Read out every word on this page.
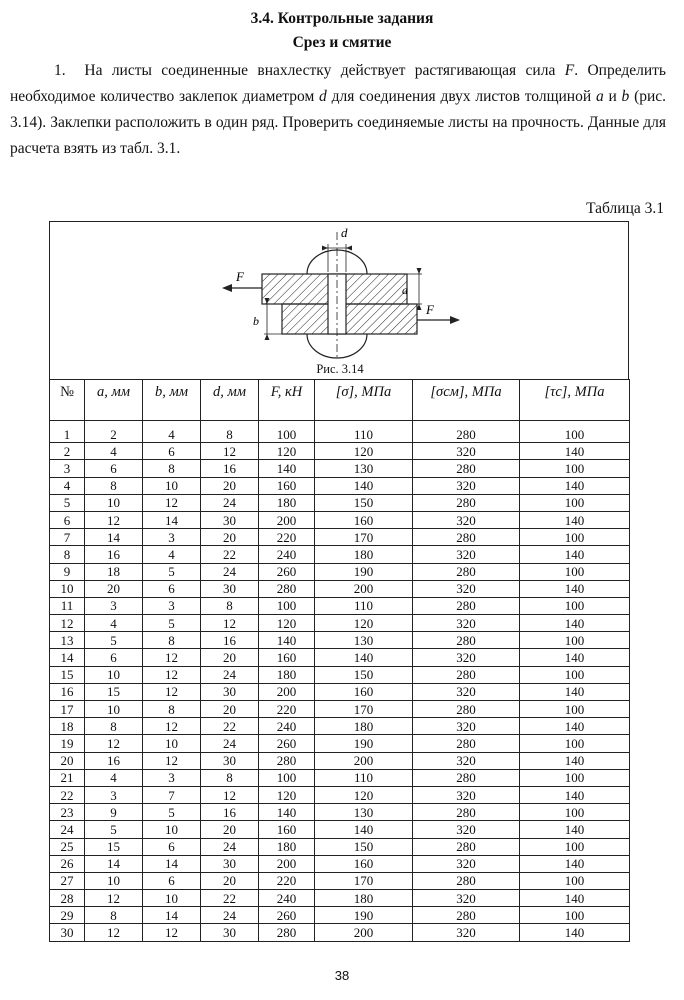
3.4. Контрольные задания
Срез и смятие
1. На листы соединенные внахлестку действует растягивающая сила F. Определить необходимое количество заклепок диаметром d для соединения двух листов толщиной a и b (рис. 3.14). Заклепки расположить в один ряд. Проверить соединяемые листы на прочность. Данные для расчета взять из табл. 3.1.
Таблица 3.1
d
a
b
F
F
Рис. 3.14
№	a, мм	b, мм	d, мм	F, кН	[σ], МПа	[σсм], МПа	[τc], МПа
1	2	4	8	100	110	280	100
2	4	6	12	120	120	320	140
3	6	8	16	140	130	280	100
4	8	10	20	160	140	320	140
5	10	12	24	180	150	280	100
6	12	14	30	200	160	320	140
7	14	3	20	220	170	280	100
8	16	4	22	240	180	320	140
9	18	5	24	260	190	280	100
10	20	6	30	280	200	320	140
11	3	3	8	100	110	280	100
12	4	5	12	120	120	320	140
13	5	8	16	140	130	280	100
14	6	12	20	160	140	320	140
15	10	12	24	180	150	280	100
16	15	12	30	200	160	320	140
17	10	8	20	220	170	280	100
18	8	12	22	240	180	320	140
19	12	10	24	260	190	280	100
20	16	12	30	280	200	320	140
21	4	3	8	100	110	280	100
22	3	7	12	120	120	320	140
23	9	5	16	140	130	280	100
24	5	10	20	160	140	320	140
25	15	6	24	180	150	280	100
26	14	14	30	200	160	320	140
27	10	6	20	220	170	280	100
28	12	10	22	240	180	320	140
29	8	14	24	260	190	280	100
30	12	12	30	280	200	320	140
38
